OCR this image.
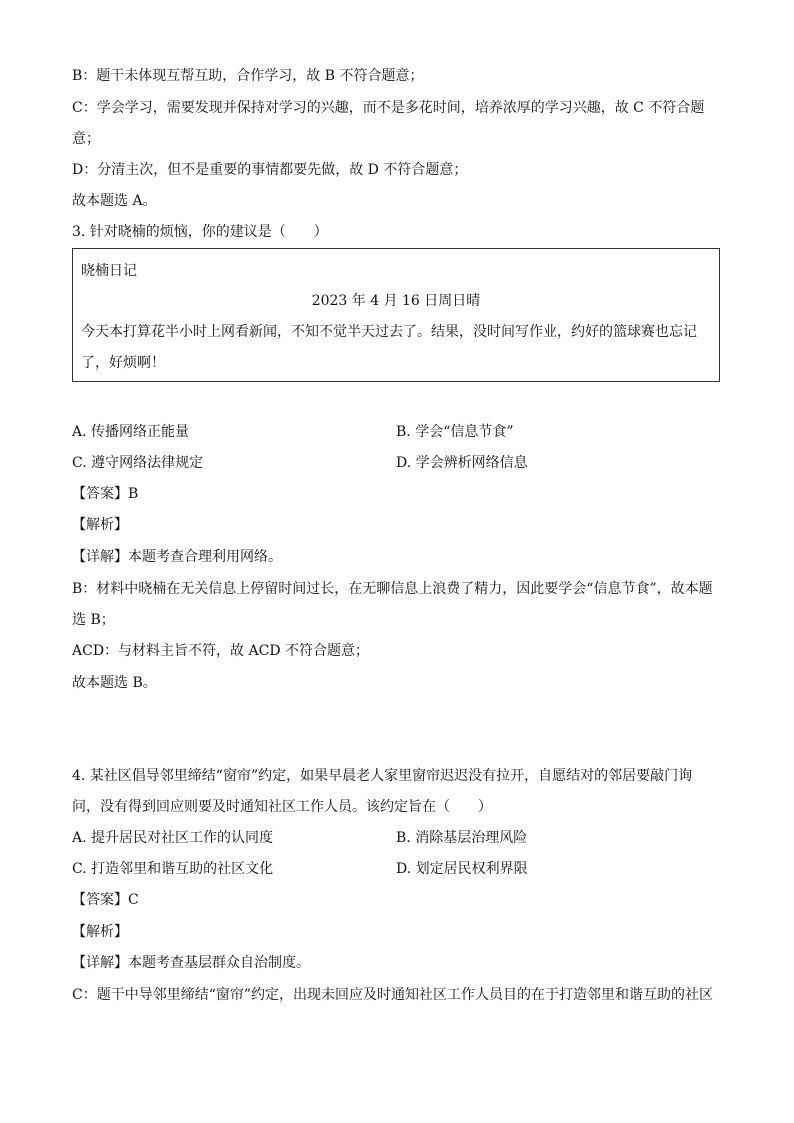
B：题干未体现互帮互助，合作学习，故 B 不符合题意；
C：学会学习，需要发现并保持对学习的兴趣，而不是多花时间，培养浓厚的学习兴趣，故 C 不符合题
意；
D：分清主次，但不是重要的事情都要先做，故 D 不符合题意；
故本题选 A。
3. 针对晓楠的烦恼，你的建议是（　　）
晓楠日记
2023 年 4 月 16 日周日晴
今天本打算花半小时上网看新闻，不知不觉半天过去了。结果，没时间写作业，约好的篮球赛也忘记
了，好烦啊！
A. 传播网络正能量	B. 学会“信息节食”
C. 遵守网络法律规定	D. 学会辨析网络信息
【答案】B
【解析】
【详解】本题考查合理利用网络。
B：材料中晓楠在无关信息上停留时间过长，在无聊信息上浪费了精力，因此要学会“信息节食”，故本题
选 B；
ACD：与材料主旨不符，故 ACD 不符合题意；
故本题选 B。
4. 某社区倡导邻里缔结“窗帘”约定，如果早晨老人家里窗帘迟迟没有拉开，自愿结对的邻居要敲门询
问，没有得到回应则要及时通知社区工作人员。该约定旨在（　　）
A. 提升居民对社区工作的认同度	B. 消除基层治理风险
C. 打造邻里和谐互助的社区文化	D. 划定居民权利界限
【答案】C
【解析】
【详解】本题考查基层群众自治制度。
C：题干中导邻里缔结“窗帘”约定，出现未回应及时通知社区工作人员目的在于打造邻里和谐互助的社区
